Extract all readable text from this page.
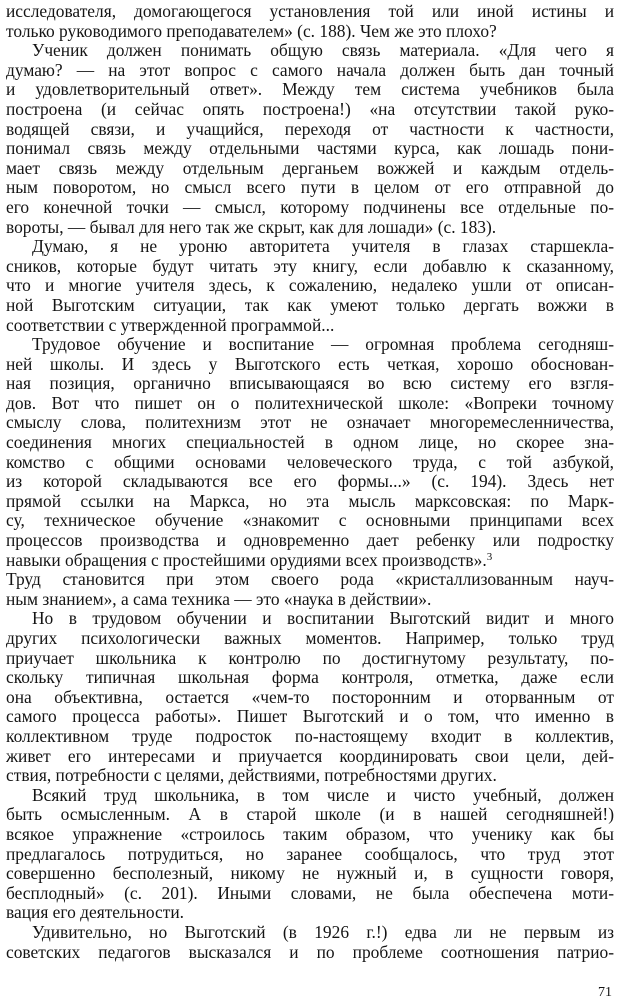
исследователя, домогающегося установления той или иной истины и
только руководимого преподавателем» (с. 188). Чем же это плохо?
Ученик должен понимать общую связь материала. «Для чего я
думаю? — на этот вопрос с самого начала должен быть дан точный
и удовлетворительный ответ». Между тем система учебников была
построена (и сейчас опять построена!) «на отсутствии такой руко-
водящей связи, и учащийся, переходя от частности к частности,
понимал связь между отдельными частями курса, как лошадь пони-
мает связь между отдельным дерганьем вожжей и каждым отдель-
ным поворотом, но смысл всего пути в целом от его отправной до
его конечной точки — смысл, которому подчинены все отдельные по-
вороты, — бывал для него так же скрыт, как для лошади» (с. 183).
Думаю, я не уроню авторитета учителя в глазах старшекла-
сников, которые будут читать эту книгу, если добавлю к сказанному,
что и многие учителя здесь, к сожалению, недалеко ушли от описан-
ной Выготским ситуации, так как умеют только дергать вожжи в
соответствии с утвержденной программой...
Трудовое обучение и воспитание — огромная проблема сегодняш-
ней школы. И здесь у Выготского есть четкая, хорошо обоснован-
ная позиция, органично вписывающаяся во всю систему его взгля-
дов. Вот что пишет он о политехнической школе: «Вопреки точному
смыслу слова, политехнизм этот не означает многоремесленничества,
соединения многих специальностей в одном лице, но скорее зна-
комство с общими основами человеческого труда, с той азбукой,
из которой складываются все его формы...» (с. 194). Здесь нет
прямой ссылки на Маркса, но эта мысль марксовская: по Марк-
су, техническое обучение «знакомит с основными принципами всех
процессов производства и одновременно дает ребенку или подростку
навыки обращения с простейшими орудиями всех производств».$^3$
Труд становится при этом своего рода «кристаллизованным науч-
ным знанием», а сама техника — это «наука в действии».
Но в трудовом обучении и воспитании Выготский видит и много
других психологически важных моментов. Например, только труд
приучает школьника к контролю по достигнутому результату, по-
скольку типичная школьная форма контроля, отметка, даже если
она объективна, остается «чем-то посторонним и оторванным от
самого процесса работы». Пишет Выготский и о том, что именно в
коллективном труде подросток по-настоящему входит в коллектив,
живет его интересами и приучается координировать свои цели, дей-
ствия, потребности с целями, действиями, потребностями других.
Всякий труд школьника, в том числе и чисто учебный, должен
быть осмысленным. А в старой школе (и в нашей сегодняшней!)
всякое упражнение «строилось таким образом, что ученику как бы
предлагалось потрудиться, но заранее сообщалось, что труд этот
совершенно бесполезный, никому не нужный и, в сущности говоря,
бесплодный» (с. 201). Иными словами, не была обеспечена моти-
вация его деятельности.
Удивительно, но Выготский (в 1926 г.!) едва ли не первым из
советских педагогов высказался и по проблеме соотношения патрио-
71
